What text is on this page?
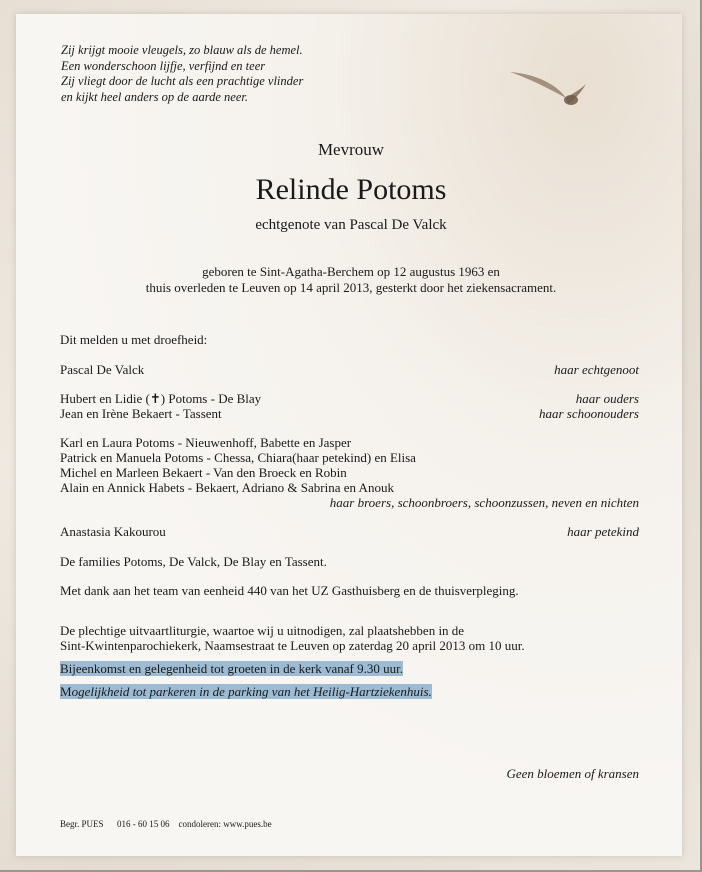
Zij krijgt mooie vleugels, zo blauw als de hemel.
Een wonderschoon lijfje, verfijnd en teer
Zij vliegt door de lucht als een prachtige vlinder
en kijkt heel anders op de aarde neer.
Mevrouw
Relinde Potoms
echtgenote van Pascal De Valck
geboren te Sint-Agatha-Berchem op 12 augustus 1963 en
thuis overleden te Leuven op 14 april 2013, gesterkt door het ziekensacrament.
Dit melden u met droefheid:
Pascal De Valck	haar echtgenoot
Hubert en Lidie (✝) Potoms - De Blay	haar ouders
Jean en Irène Bekaert - Tassent	haar schoonouders
Karl en Laura Potoms - Nieuwenhoff, Babette en Jasper
Patrick en Manuela Potoms - Chessa, Chiara(haar petekind) en Elisa
Michel en Marleen Bekaert - Van den Broeck en Robin
Alain en Annick Habets - Bekaert, Adriano & Sabrina en Anouk
haar broers, schoonbroers, schoonzussen, neven en nichten
Anastasia Kakourou	haar petekind
De families Potoms, De Valck, De Blay en Tassent.
Met dank aan het team van eenheid 440 van het UZ Gasthuisberg en de thuisverpleging.
De plechtige uitvaartliturgie, waartoe wij u uitnodigen, zal plaatshebben in de
Sint-Kwintenparochiekerk, Naamsestraat te Leuven op zaterdag 20 april 2013 om 10 uur.
Bijeenkomst en gelegenheid tot groeten in de kerk vanaf 9.30 uur.
Mogelijkheid tot parkeren in de parking van het Heilig-Hartziekenhuis.
Geen bloemen of kransen
Begr. PUES      016 - 60 15 06    condoleren: www.pues.be
